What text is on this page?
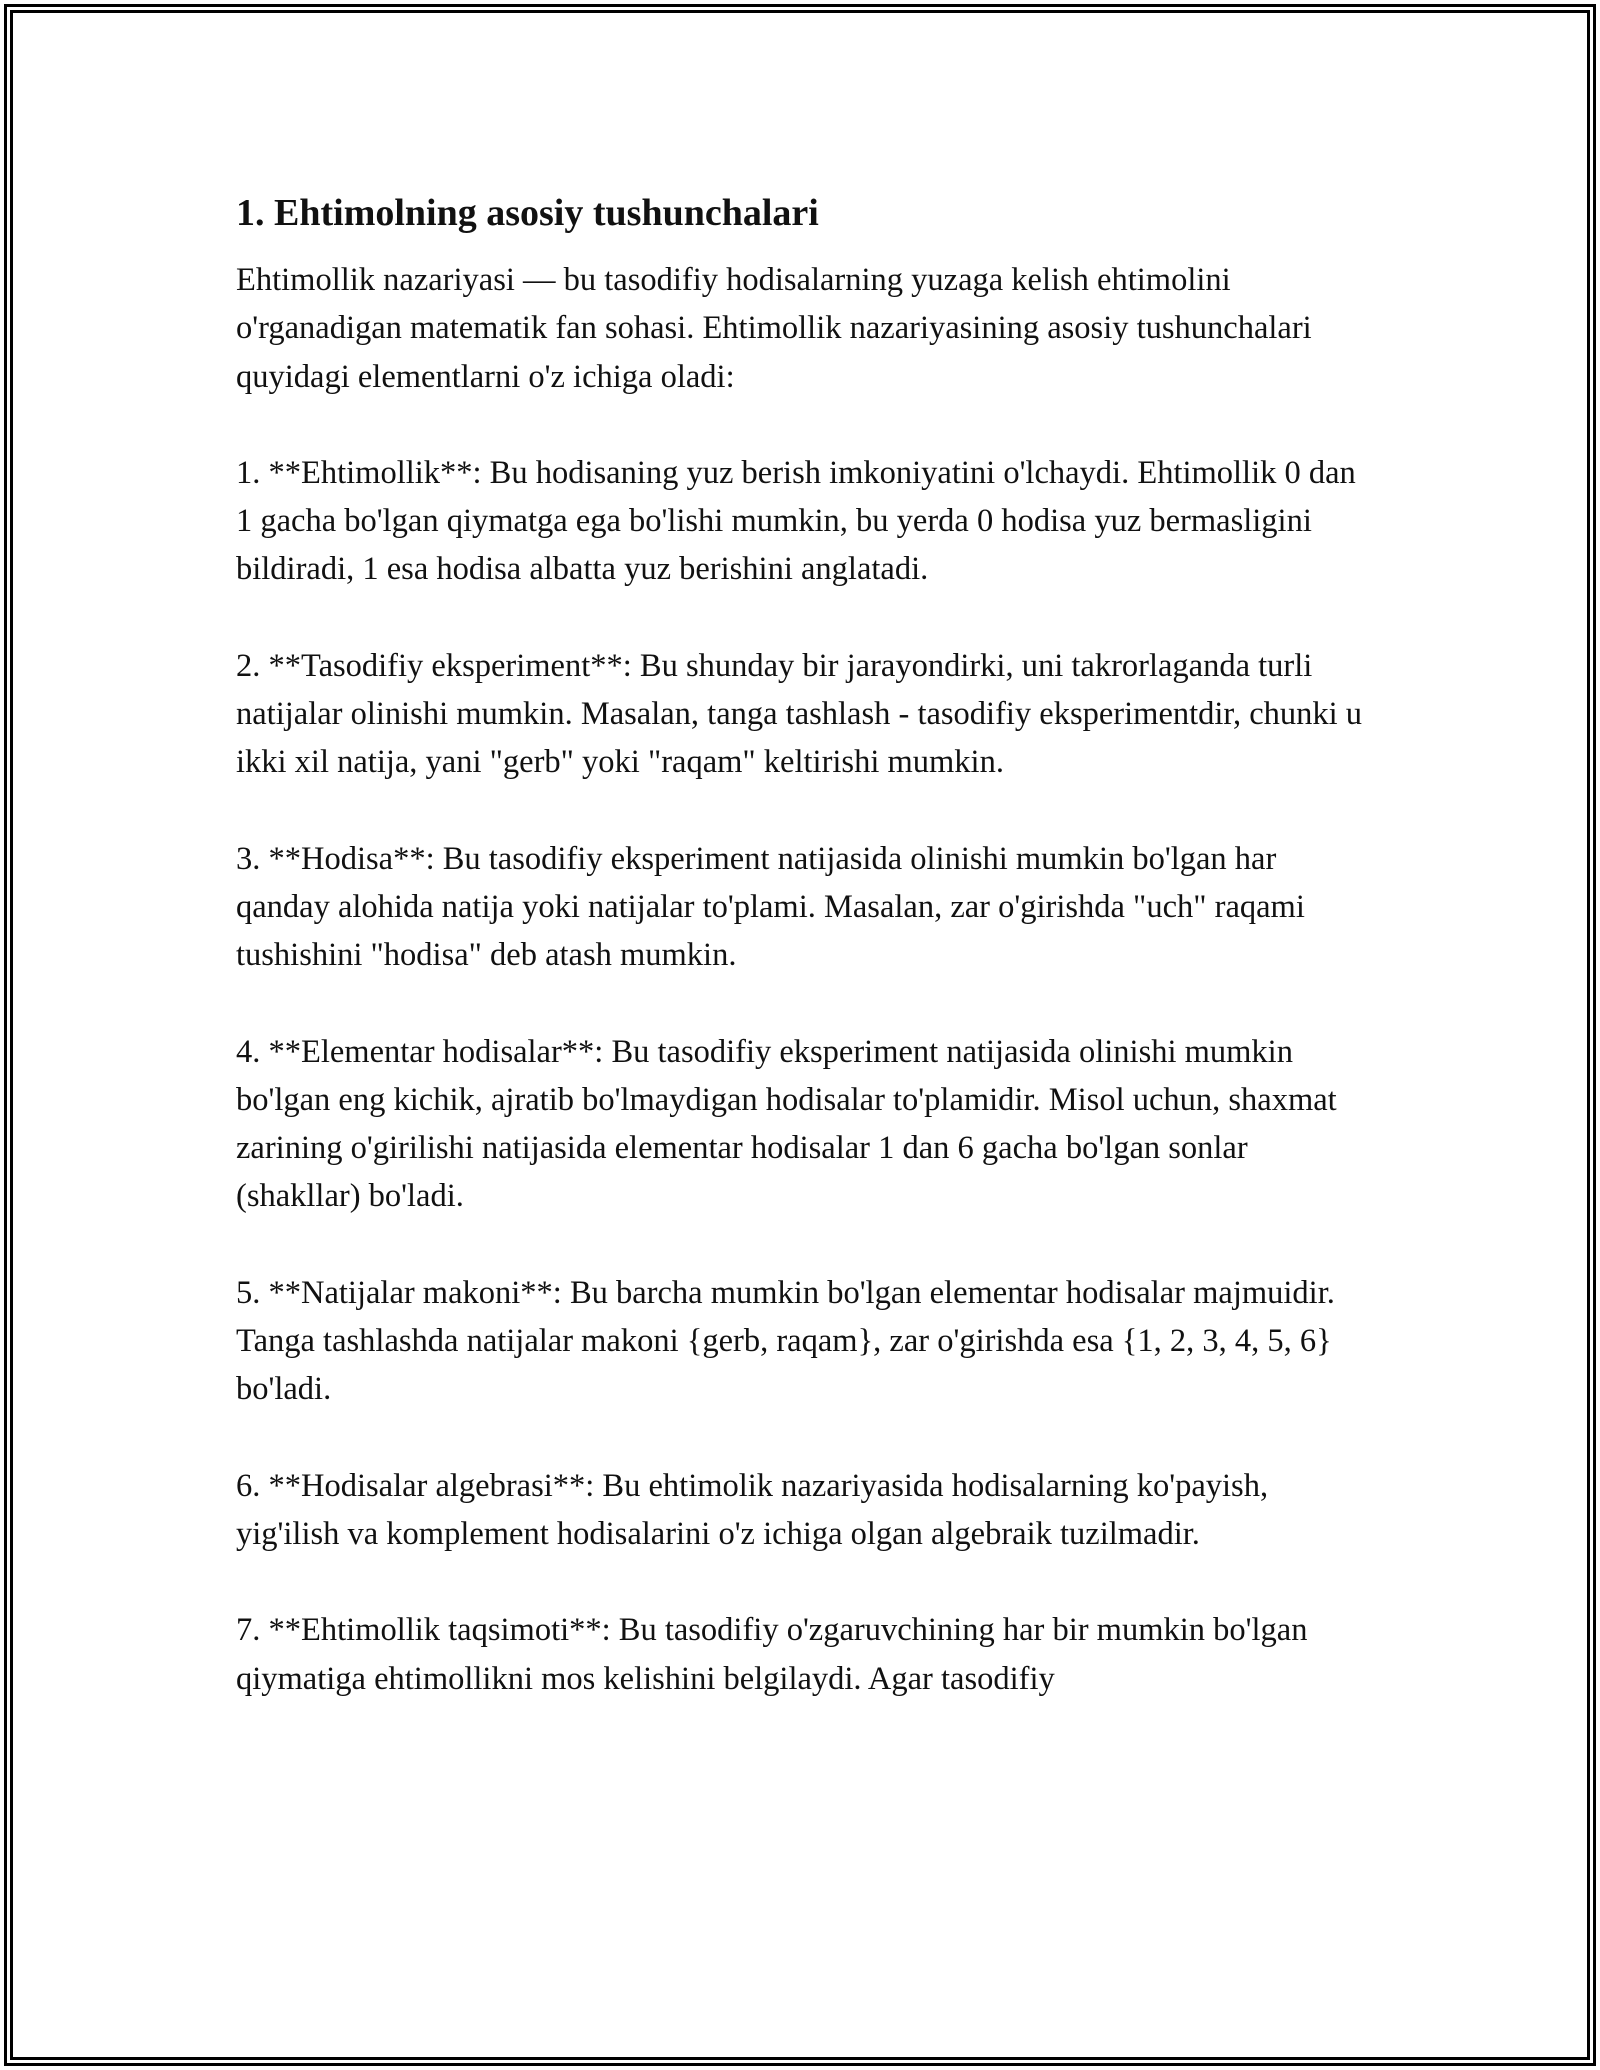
1. Ehtimolning asosiy tushunchalari

Ehtimollik nazariyasi — bu tasodifiy hodisalarning yuzaga kelish ehtimolini o'rganadigan matematik fan sohasi. Ehtimollik nazariyasining asosiy tushunchalari quyidagi elementlarni o'z ichiga oladi:

1. **Ehtimollik**: Bu hodisaning yuz berish imkoniyatini o'lchaydi. Ehtimollik 0 dan 1 gacha bo'lgan qiymatga ega bo'lishi mumkin, bu yerda 0 hodisa yuz bermasligini bildiradi, 1 esa hodisa albatta yuz berishini anglatadi.

2. **Tasodifiy eksperiment**: Bu shunday bir jarayondirki, uni takrorlaganda turli natijalar olinishi mumkin. Masalan, tanga tashlash - tasodifiy eksperimentdir, chunki u ikki xil natija, yani "gerb" yoki "raqam" keltirishi mumkin.

3. **Hodisa**: Bu tasodifiy eksperiment natijasida olinishi mumkin bo'lgan har qanday alohida natija yoki natijalar to'plami. Masalan, zar o'girishda "uch" raqami tushishini "hodisa" deb atash mumkin.

4. **Elementar hodisalar**: Bu tasodifiy eksperiment natijasida olinishi mumkin bo'lgan eng kichik, ajratib bo'lmaydigan hodisalar to'plamidir. Misol uchun, shaxmat zarining o'girilishi natijasida elementar hodisalar 1 dan 6 gacha bo'lgan sonlar (shakllar) bo'ladi.

5. **Natijalar makoni**: Bu barcha mumkin bo'lgan elementar hodisalar majmuidir. Tanga tashlashda natijalar makoni {gerb, raqam}, zar o'girishda esa {1, 2, 3, 4, 5, 6} bo'ladi.

6. **Hodisalar algebrasi**: Bu ehtimolik nazariyasida hodisalarning ko'payish, yig'ilish va komplement hodisalarini o'z ichiga olgan algebraik tuzilmadir.

7. **Ehtimollik taqsimoti**: Bu tasodifiy o'zgaruvchining har bir mumkin bo'lgan qiymatiga ehtimollikni mos kelishini belgilaydi. Agar tasodifiy
